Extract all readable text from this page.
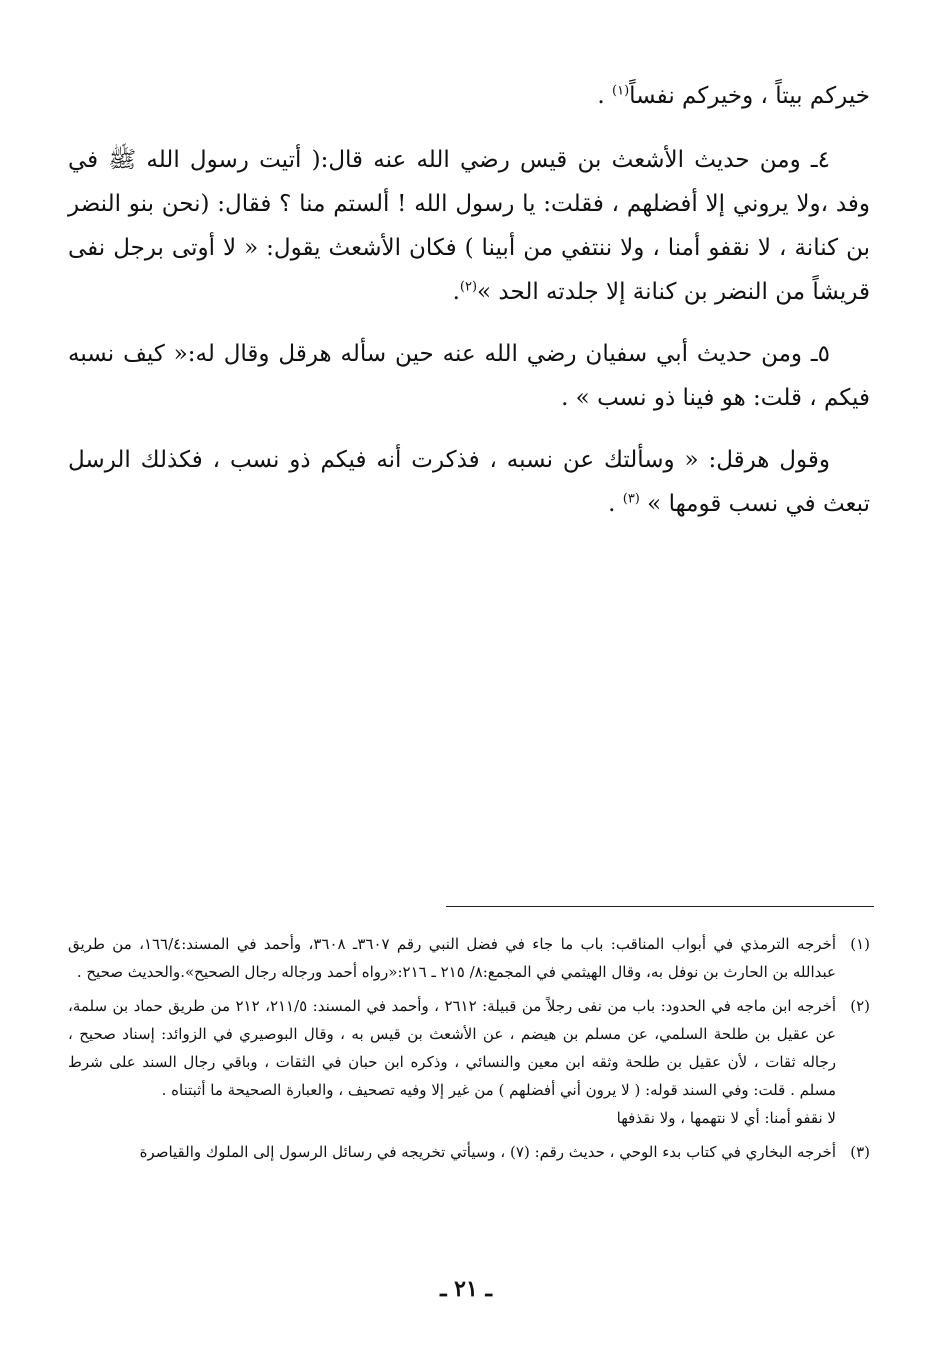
خيركم بيتاً ، وخيركم نفساً$^{(١)}$ .

٤ـ ومن حديث الأشعث بن قيس رضي الله عنه قال:( أتيت رسول الله ﷺ في وفد ،ولا يروني إلا أفضلهم ، فقلت: يا رسول الله ! ألستم منا ؟ فقال: (نحن بنو النضر بن كنانة ، لا نقفو أمنا ، ولا ننتفي من أبينا ) فكان الأشعث يقول: « لا أوتى برجل نفى قريشاً من النضر بن كنانة إلا جلدته الحد »$^{(٢)}$.

٥ـ ومن حديث أبي سفيان رضي الله عنه حين سأله هرقل وقال له:« كيف نسبه فيكم ، قلت: هو فينا ذو نسب » .

وقول هرقل: « وسألتك عن نسبه ، فذكرت أنه فيكم ذو نسب ، فكذلك الرسل تبعث في نسب قومها » $^{(٣)}$ .

(١)
أخرجه الترمذي في أبواب المناقب: باب ما جاء في فضل النبي رقم ٣٦٠٧ـ ٣٦٠٨، وأحمد في المسند:١٦٦/٤، من طريق عبدالله بن الحارث بن نوفل به، وقال الهيثمي في المجمع:٨/ ٢١٥ ـ ٢١٦:«رواه أحمد ورجاله رجال الصحيح».والحديث صحيح .
(٢)
أخرجه ابن ماجه في الحدود: باب من نفى رجلاً من قبيلة: ٢٦١٢ ، وأحمد في المسند: ٢١١/٥، ٢١٢ من طريق حماد بن سلمة، عن عقيل بن طلحة السلمي، عن مسلم بن هيضم ، عن الأشعث بن قيس به ، وقال البوصيري في الزوائد: إسناد صحيح ، رجاله ثقات ، لأن عقيل بن طلحة وثقه ابن معين والنسائي ، وذكره ابن حبان في الثقات ، وباقي رجال السند على شرط مسلم . قلت: وفي السند قوله: ( لا يرون أني أفضلهم ) من غير إلا وفيه تصحيف ، والعبارة الصحيحة ما أثبتناه .
لا نقفو أمنا: أي لا نتهمها ، ولا نقذفها
(٣)
أخرجه البخاري في كتاب بدء الوحي ، حديث رقم: (٧) ، وسيأتي تخريجه في رسائل الرسول إلى الملوك والقياصرة
ـ ٢١ ـ
